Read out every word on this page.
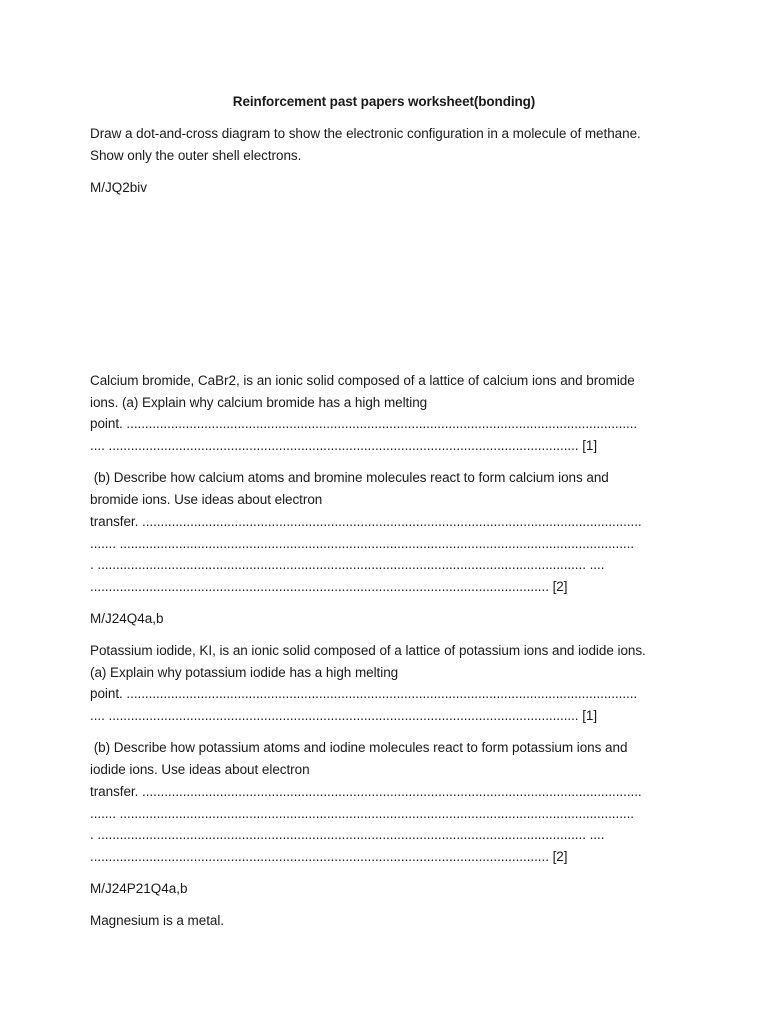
Reinforcement past papers worksheet(bonding)
Draw a dot-and-cross diagram to show the electronic configuration in a molecule of methane.
Show only the outer shell electrons.
M/JQ2biv
Calcium bromide, CaBr2, is an ionic solid composed of a lattice of calcium ions and bromide
ions. (a) Explain why calcium bromide has a high melting
point. ..........................................................................................................................................
.... ............................................................................................................................... [1]
(b) Describe how calcium atoms and bromine molecules react to form calcium ions and
bromide ions. Use ideas about electron
transfer. .......................................................................................................................................
....... ...........................................................................................................................................
. .................................................................................................................................... ....
............................................................................................................................ [2]
M/J24Q4a,b
Potassium iodide, KI, is an ionic solid composed of a lattice of potassium ions and iodide ions.
(a) Explain why potassium iodide has a high melting
point. ..........................................................................................................................................
.... ............................................................................................................................... [1]
(b) Describe how potassium atoms and iodine molecules react to form potassium ions and
iodide ions. Use ideas about electron
transfer. .......................................................................................................................................
....... ...........................................................................................................................................
. .................................................................................................................................... ....
............................................................................................................................ [2]
M/J24P21Q4a,b
Magnesium is a metal.
